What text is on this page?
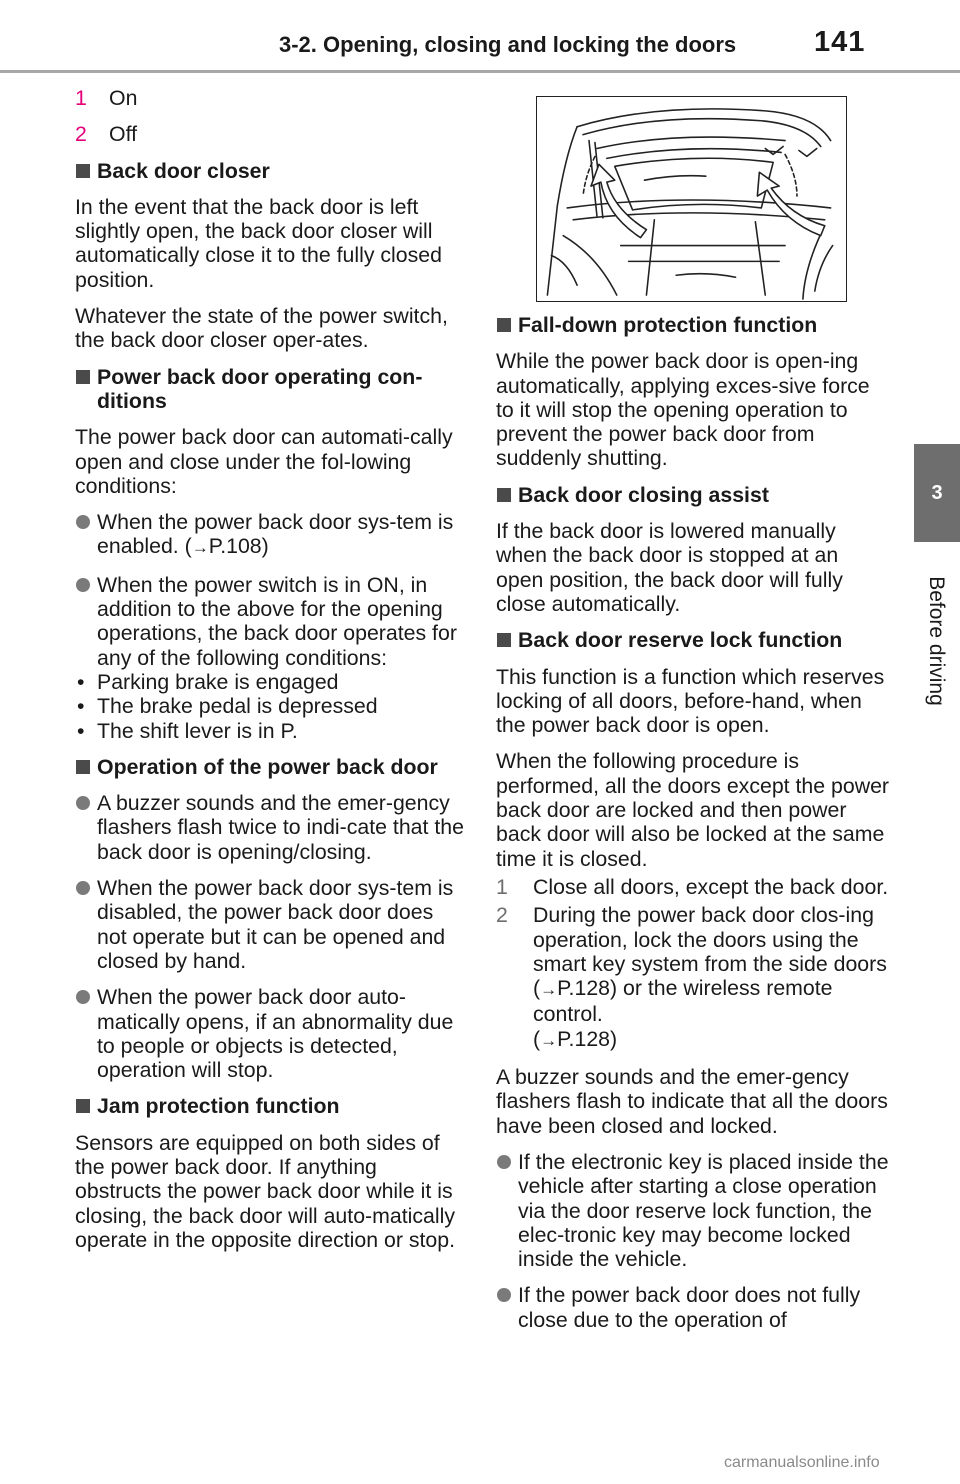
3-2. Opening, closing and locking the doors	141
3
Before driving
1	On
2	Off
Back door closer

In the event that the back door is left slightly open, the back door closer will automatically close it to the fully closed position.

Whatever the state of the power switch, the back door closer oper-ates.

Power back door operating con-ditions

The power back door can automati-cally open and close under the fol-lowing conditions:

When the power back door sys-tem is enabled. (→P.108)
When the power switch is in ON, in addition to the above for the opening operations, the back door operates for any of the following conditions:
• Parking brake is engaged
• The brake pedal is depressed
• The shift lever is in P.
Operation of the power back door
A buzzer sounds and the emer-gency flashers flash twice to indi-cate that the back door is opening/closing.
When the power back door sys-tem is disabled, the power back door does not operate but it can be opened and closed by hand.
When the power back door auto-matically opens, if an abnormality due to people or objects is detected, operation will stop.
Jam protection function

Sensors are equipped on both sides of the power back door. If anything obstructs the power back door while it is closing, the back door will auto-matically operate in the opposite direction or stop.

Fall-down protection function

While the power back door is open-ing automatically, applying exces-sive force to it will stop the opening operation to prevent the power back door from suddenly shutting.

Back door closing assist

If the back door is lowered manually when the back door is stopped at an open position, the back door will fully close automatically.

Back door reserve lock function

This function is a function which reserves locking of all doors, before-hand, when the power back door is open.

When the following procedure is performed, all the doors except the power back door are locked and then power back door will also be locked at the same time it is closed.

1	Close all doors, except the back door.
2	During the power back door clos-ing operation, lock the doors using the smart key system from the side doors (→P.128) or the wireless remote control.
(→P.128)

A buzzer sounds and the emer-gency flashers flash to indicate that all the doors have been closed and locked.

If the electronic key is placed inside the vehicle after starting a close operation via the door reserve lock function, the elec-tronic key may become locked inside the vehicle.
If the power back door does not fully close due to the operation of
carmanualsonline.info
